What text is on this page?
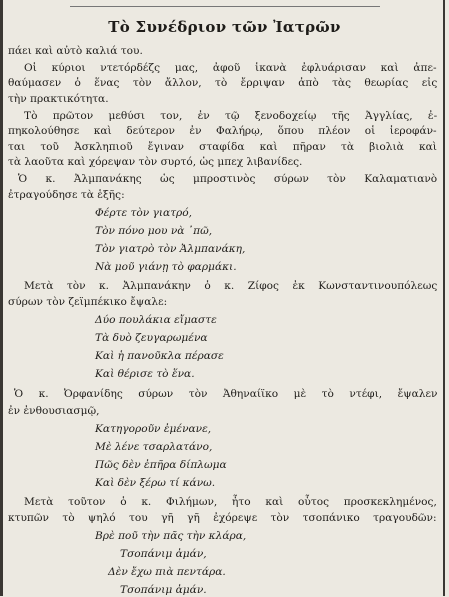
Τὸ Συνέδριον τῶν Ἰατρῶν
πάει καὶ αὐτὸ καλιά του.
Οἱ κύριοι ντετόρδέζς μας, ἀφοῦ ἱκανὰ ἐφλυάρισαν καὶ ἀπε-
θαύμασεν ὁ ἕνας τὸν ἄλλον, τὸ ἔρριψαν ἀπὸ τὰς θεωρίας εἰς
τὴν πρακτικότητα.
Τὸ πρῶτον μεθύσι τον, ἐν τῷ ξενοδοχείῳ τῆς Ἀγγλίας, ἐ-
πηκολούθησε καὶ δεύτερον ἐν Φαλήρῳ, ὅπου πλέον οἱ ἱεροφάν-
ται τοῦ Ἀσκληπιοῦ ἔγιναν σταφίδα καὶ πῆραν τὰ βιολιὰ καὶ
τὰ λαοῦτα καὶ χόρεψαν τὸν συρτό, ὡς μπεχ λιβανίδες.
Ὁ κ. Ἀλμπανάκης ὡς μπροστινὸς σύρων τὸν Καλαματιανὸ
ἐτραγούδησε τὰ ἑξῆς:
Φέρτε τὸν γιατρό,
Τὸν πόνο μου νὰ ᾽πῶ,
Τὸν γιατρὸ τὸν Ἀλμπανάκη,
Νὰ μοῦ γιάνῃ τὸ φαρμάκι.
Μετὰ τὸν κ. Ἀλμπανάκην ὁ κ. Ζίφος ἐκ Κωνσταντινουπόλεως
σύρων τὸν ζεϊμπέκικο ἔψαλε:
Δύο πουλάκια εἴμαστε
Τὰ δυὸ ζευγαρωμένα
Καὶ ἡ πανοῦκλα πέρασε
Καὶ θέρισε τὸ ἕνα.
Ὁ κ. Ὀρφανίδης σύρων τὸν Ἀθηναίϊκο μὲ τὸ ντέφι, ἔψαλεν
ἐν ἐνθουσιασμῷ,
Κατηγοροῦν ἐμένανε,
Μὲ λένε τσαρλατάνο,
Πῶς δὲν ἐπῆρα δίπλωμα
Καὶ δὲν ξέρω τί κάνω.
Μετὰ τοῦτον ὁ κ. Φιλήμων, ἦτο καὶ οὗτος προσκεκλημένος,
κτυπῶν τὸ ψηλό του γῆ γῆ ἐχόρεψε τὸν τσοπάνικο τραγουδῶν:
Βρὲ ποῦ τὴν πᾶς τὴν κλάρα,
Τσοπάνιμ ἀμάν,
Δὲν ἔχω πιὰ πεντάρα.
Τσοπάνιμ ἀμάν.
